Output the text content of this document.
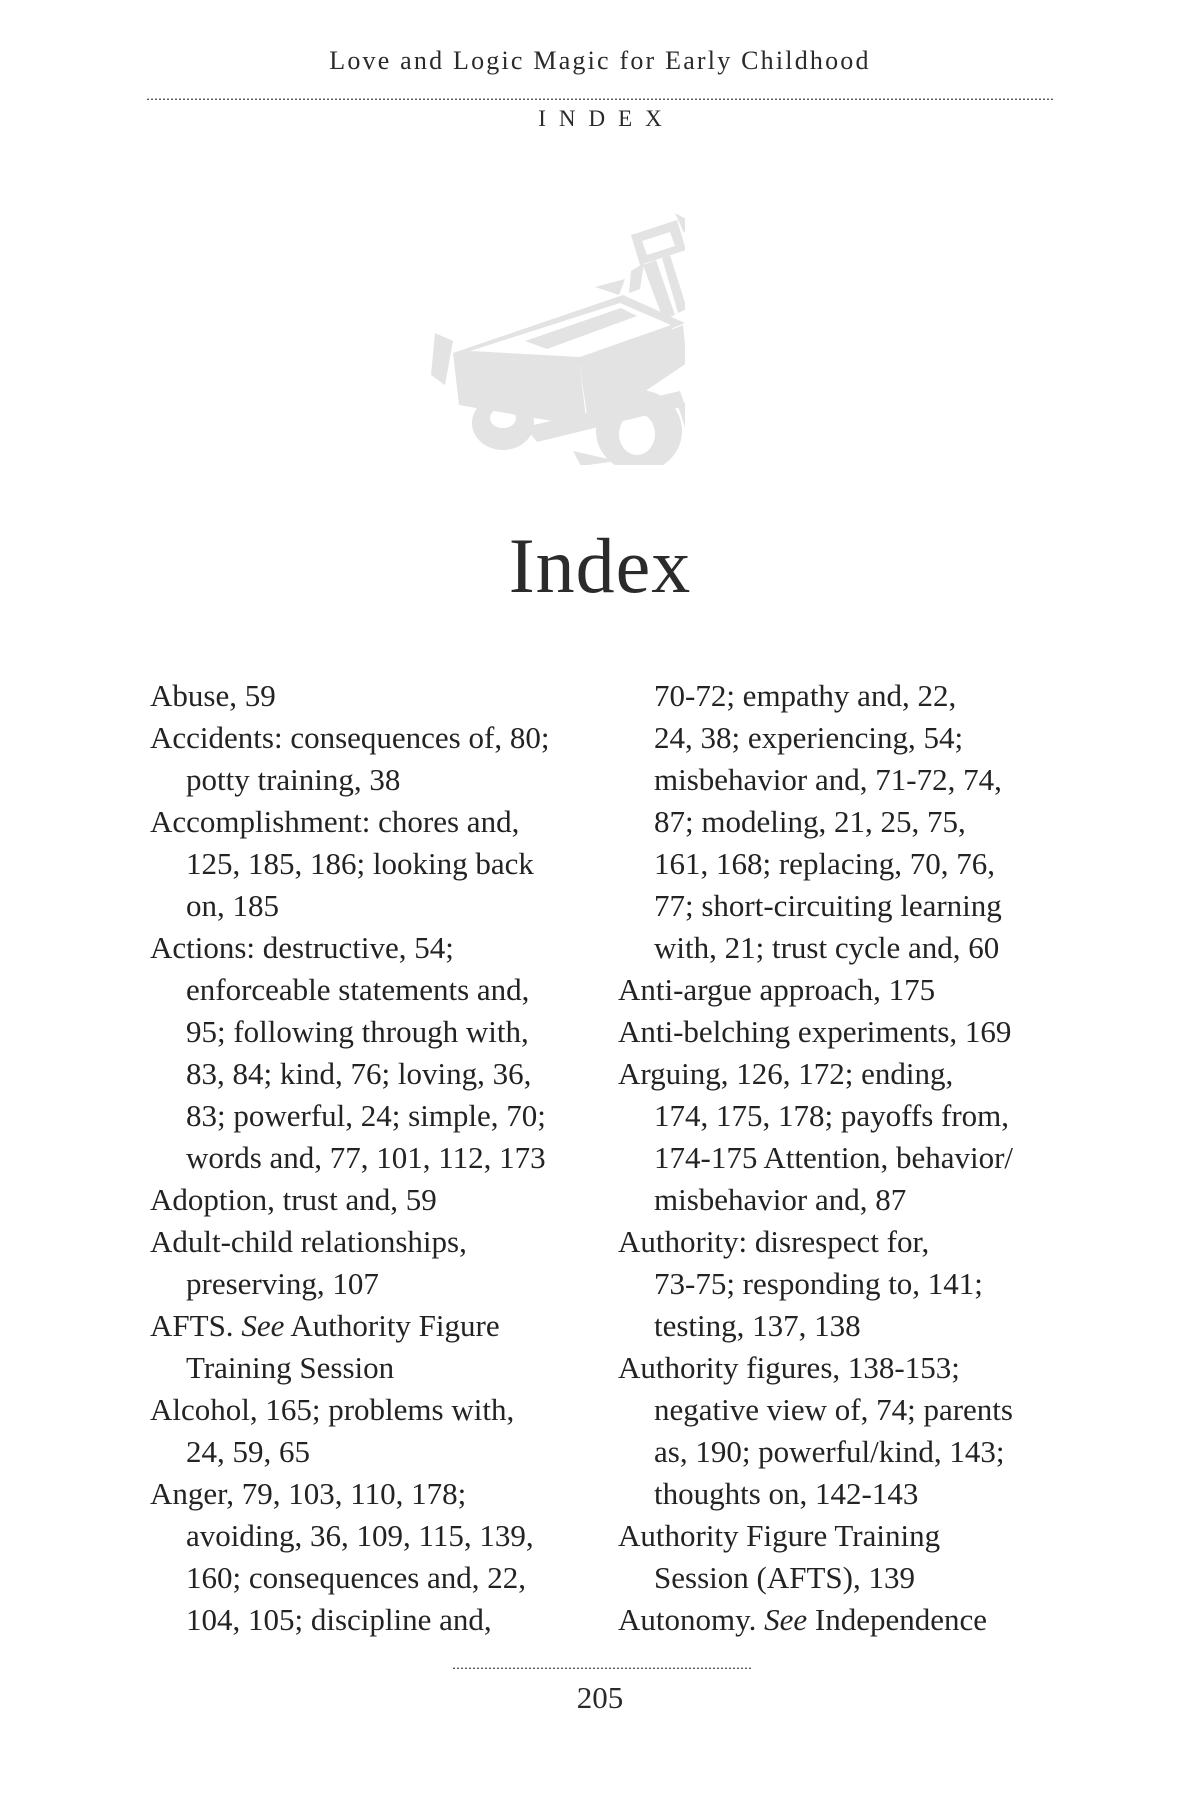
Love and Logic Magic for Early Childhood
INDEX
Index
Abuse, 59
Accidents: consequences of, 80;
potty training, 38
Accomplishment: chores and,
125, 185, 186; looking back
on, 185
Actions: destructive, 54;
enforceable statements and,
95; following through with,
83, 84; kind, 76; loving, 36,
83; powerful, 24; simple, 70;
words and, 77, 101, 112, 173
Adoption, trust and, 59
Adult-child relationships,
preserving, 107
AFTS. See Authority Figure
Training Session
Alcohol, 165; problems with,
24, 59, 65
Anger, 79, 103, 110, 178;
avoiding, 36, 109, 115, 139,
160; consequences and, 22,
104, 105; discipline and,
70-72; empathy and, 22,
24, 38; experiencing, 54;
misbehavior and, 71-72, 74,
87; modeling, 21, 25, 75,
161, 168; replacing, 70, 76,
77; short-circuiting learning
with, 21; trust cycle and, 60
Anti-argue approach, 175
Anti-belching experiments, 169
Arguing, 126, 172; ending,
174, 175, 178; payoffs from,
174-175 Attention, behavior/
misbehavior and, 87
Authority: disrespect for,
73-75; responding to, 141;
testing, 137, 138
Authority figures, 138-153;
negative view of, 74; parents
as, 190; powerful/kind, 143;
thoughts on, 142-143
Authority Figure Training
Session (AFTS), 139
Autonomy. See Independence
205
